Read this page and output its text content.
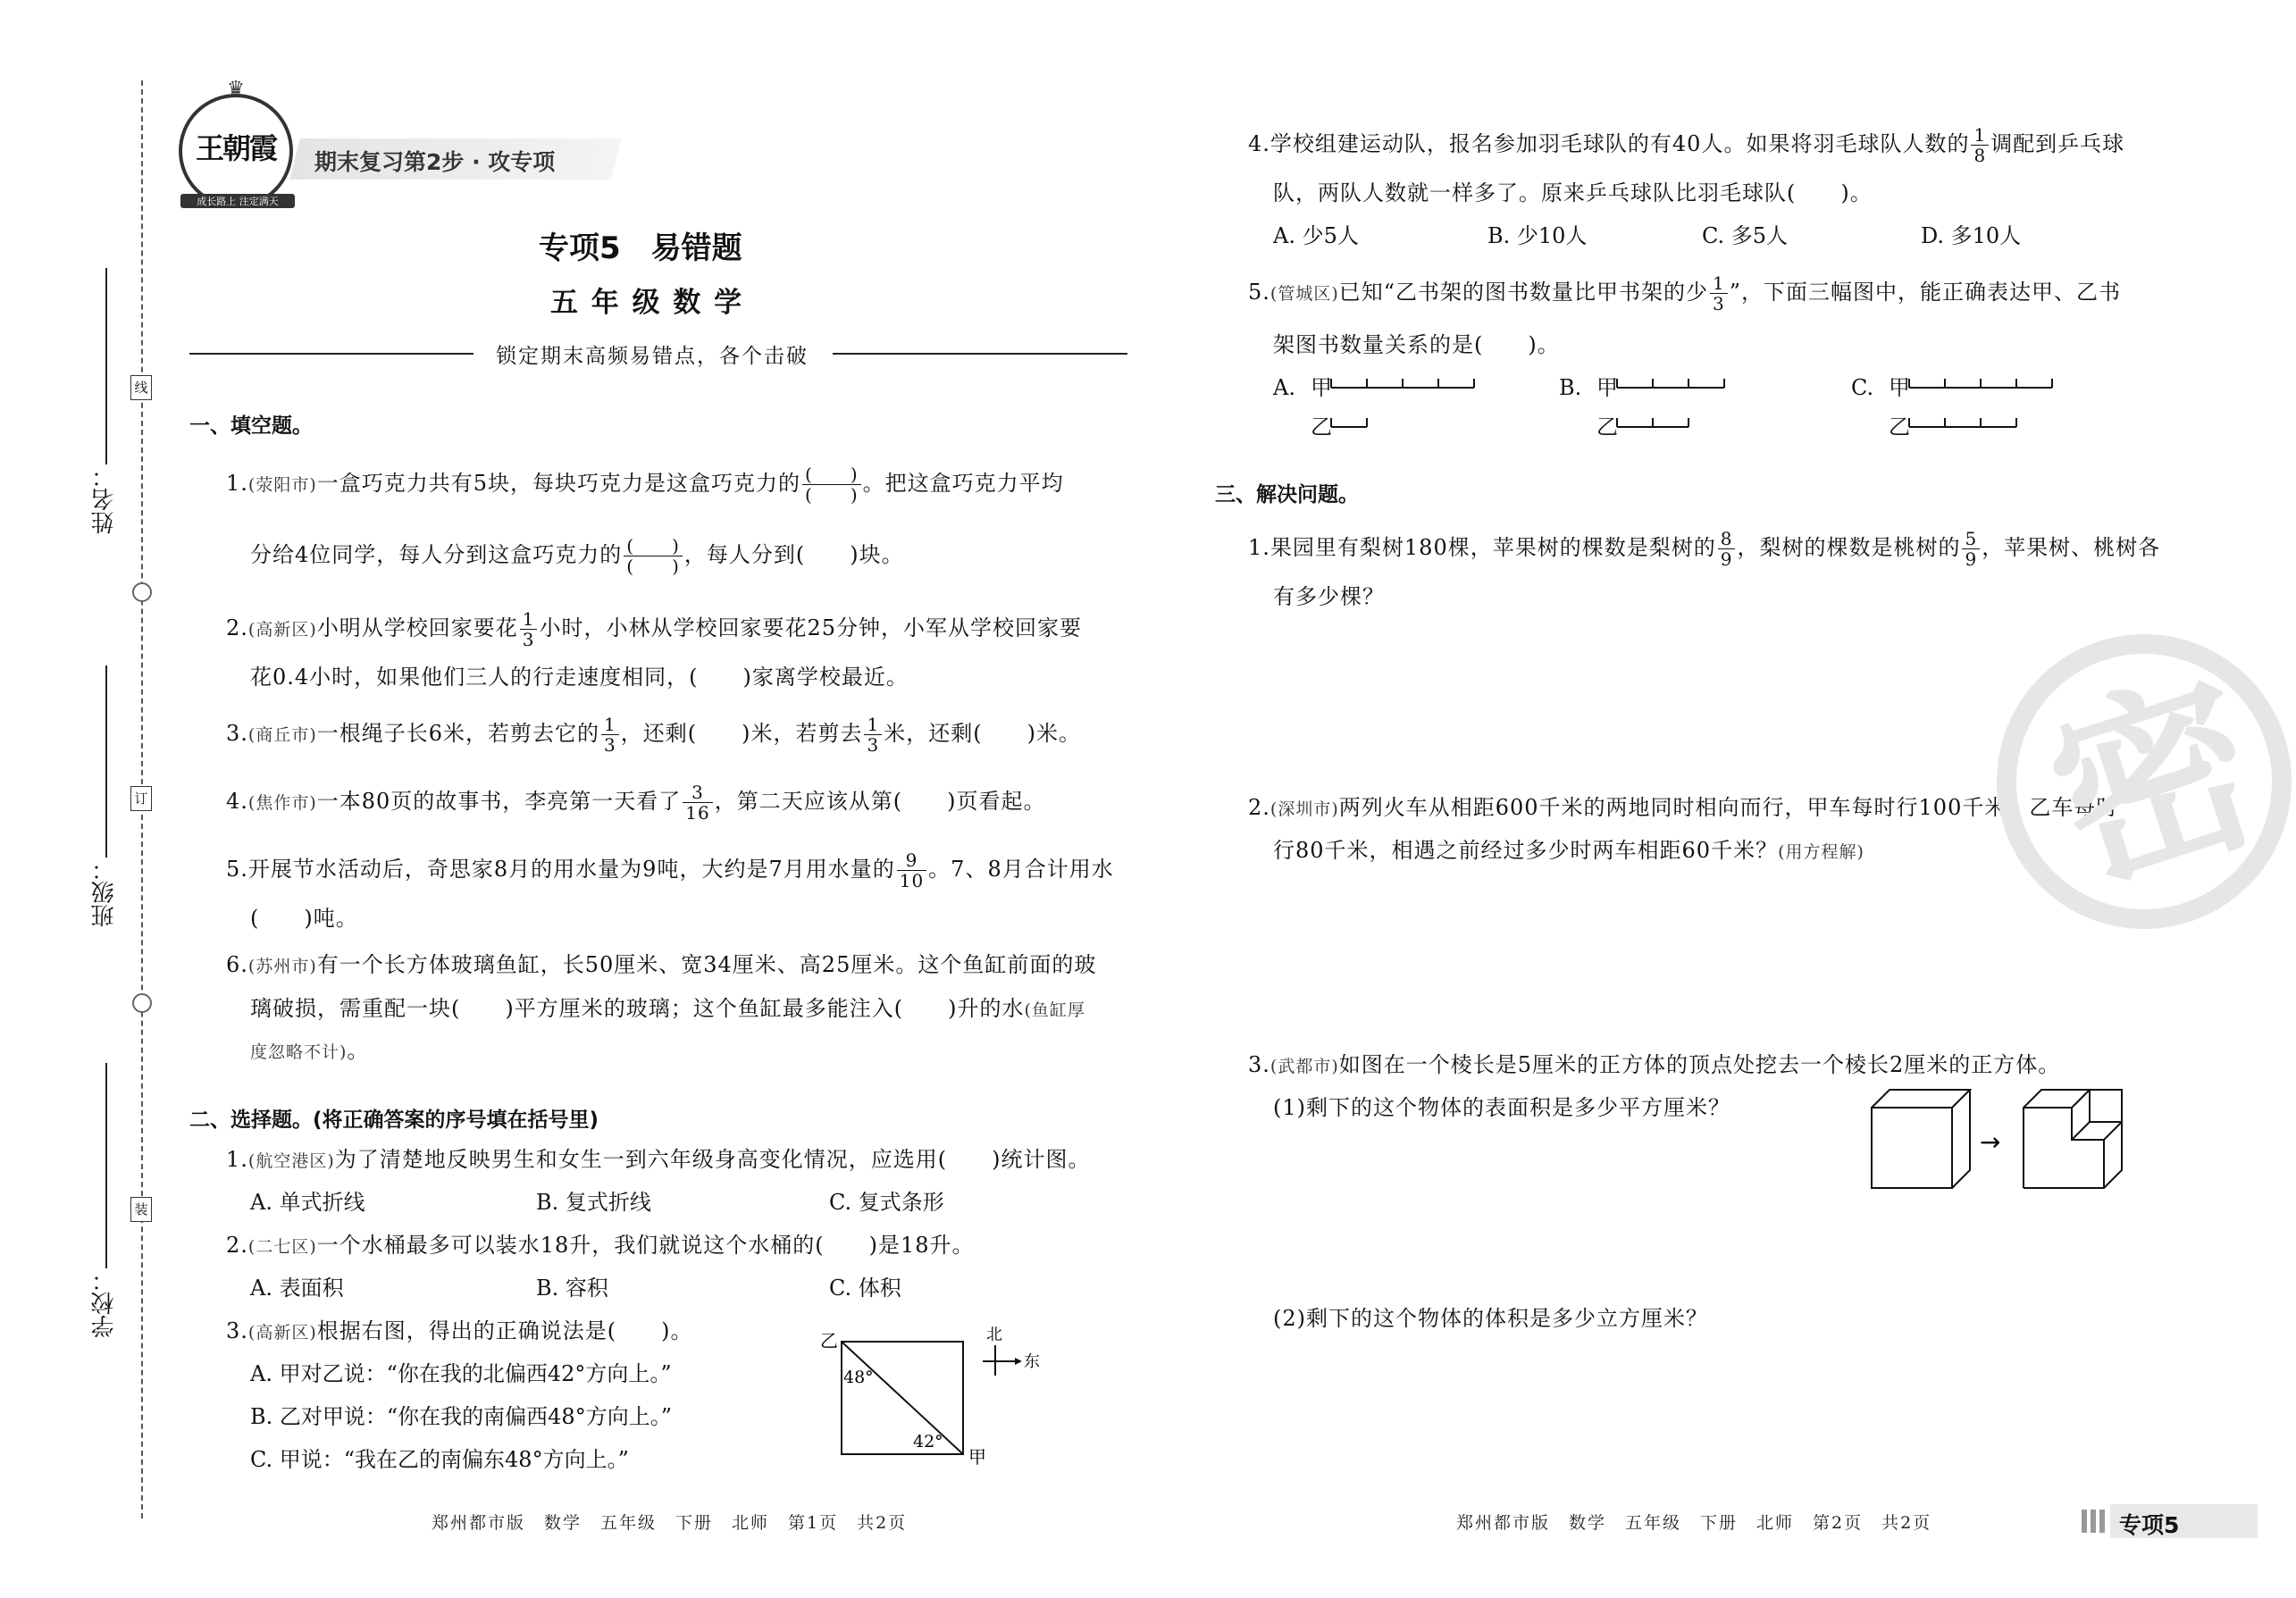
线
订
装
姓名：
班级：
学校：
♛
王朝霞
成长路上 注定满天
期末复习第2步 · 攻专项
专项5　易错题
五 年 级 数 学
锁定期末高频易错点，各个击破
一、填空题。
1.(荥阳市)一盒巧克力共有5块，每块巧克力是这盒巧克力的 $\frac{( )}{( )}$ 。把这盒巧克力平均
分给4位同学，每人分到这盒巧克力的 $\frac{( )}{( )}$ ，每人分到(　　)块。
2.(高新区)小明从学校回家要花 $\frac{1}{3}$ 小时，小林从学校回家要花25分钟，小军从学校回家要
花0.4小时，如果他们三人的行走速度相同，(　　)家离学校最近。
3.(商丘市)一根绳子长6米，若剪去它的 $\frac{1}{3}$ ，还剩(　　)米，若剪去 $\frac{1}{3}$ 米，还剩(　　)米。
4.(焦作市)一本80页的故事书，李亮第一天看了 $\frac{3}{16}$ ，第二天应该从第(　　)页看起。
5.开展节水活动后，奇思家8月的用水量为9吨，大约是7月用水量的 $\frac{9}{10}$ 。7、8月合计用水
(　　)吨。
6.(苏州市)有一个长方体玻璃鱼缸，长50厘米、宽34厘米、高25厘米。这个鱼缸前面的玻
璃破损，需重配一块(　　)平方厘米的玻璃；这个鱼缸最多能注入(　　)升的水(鱼缸厚
度忽略不计)。
二、选择题。(将正确答案的序号填在括号里)
1.(航空港区)为了清楚地反映男生和女生一到六年级身高变化情况，应选用(　　)统计图。
A. 单式折线	B. 复式折线	C. 复式条形
2.(二七区)一个水桶最多可以装水18升，我们就说这个水桶的(　　)是18升。
A. 表面积	B. 容积	C. 体积
3.(高新区)根据右图，得出的正确说法是(　　)。
A. 甲对乙说：“你在我的北偏西42°方向上。”
B. 乙对甲说：“你在我的南偏西48°方向上。”
C. 甲说：“我在乙的南偏东48°方向上。”
乙
甲
48°
42°
北
东
4.学校组建运动队，报名参加羽毛球队的有40人。如果将羽毛球队人数的 $\frac{1}{8}$ 调配到乒乓球
队，两队人数就一样多了。原来乒乓球队比羽毛球队(　　)。
A. 少5人	B. 少10人	C. 多5人	D. 多10人
5.(管城区)已知“乙书架的图书数量比甲书架的少 $\frac{1}{3}$ ”，下面三幅图中，能正确表达甲、乙书
架图书数量关系的是(　　)。
A. 甲
乙
B. 甲
乙
C. 甲
乙
三、解决问题。
1.果园里有梨树180棵，苹果树的棵数是梨树的 $\frac{8}{9}$ ，梨树的棵数是桃树的 $\frac{5}{9}$ ，苹果树、桃树各
有多少棵？
2.(深圳市)两列火车从相距600千米的两地同时相向而行，甲车每时行100千米，乙车每时
行80千米，相遇之前经过多少时两车相距60千米？(用方程解)
3.(武都市)如图在一个棱长是5厘米的正方体的顶点处挖去一个棱长2厘米的正方体。
(1)剩下的这个物体的表面积是多少平方厘米？
(2)剩下的这个物体的体积是多少立方厘米？
→
密
郑州都市版　数学　五年级　下册　北师　第1页　共2页	郑州都市版　数学　五年级　下册　北师　第2页　共2页	专项5
